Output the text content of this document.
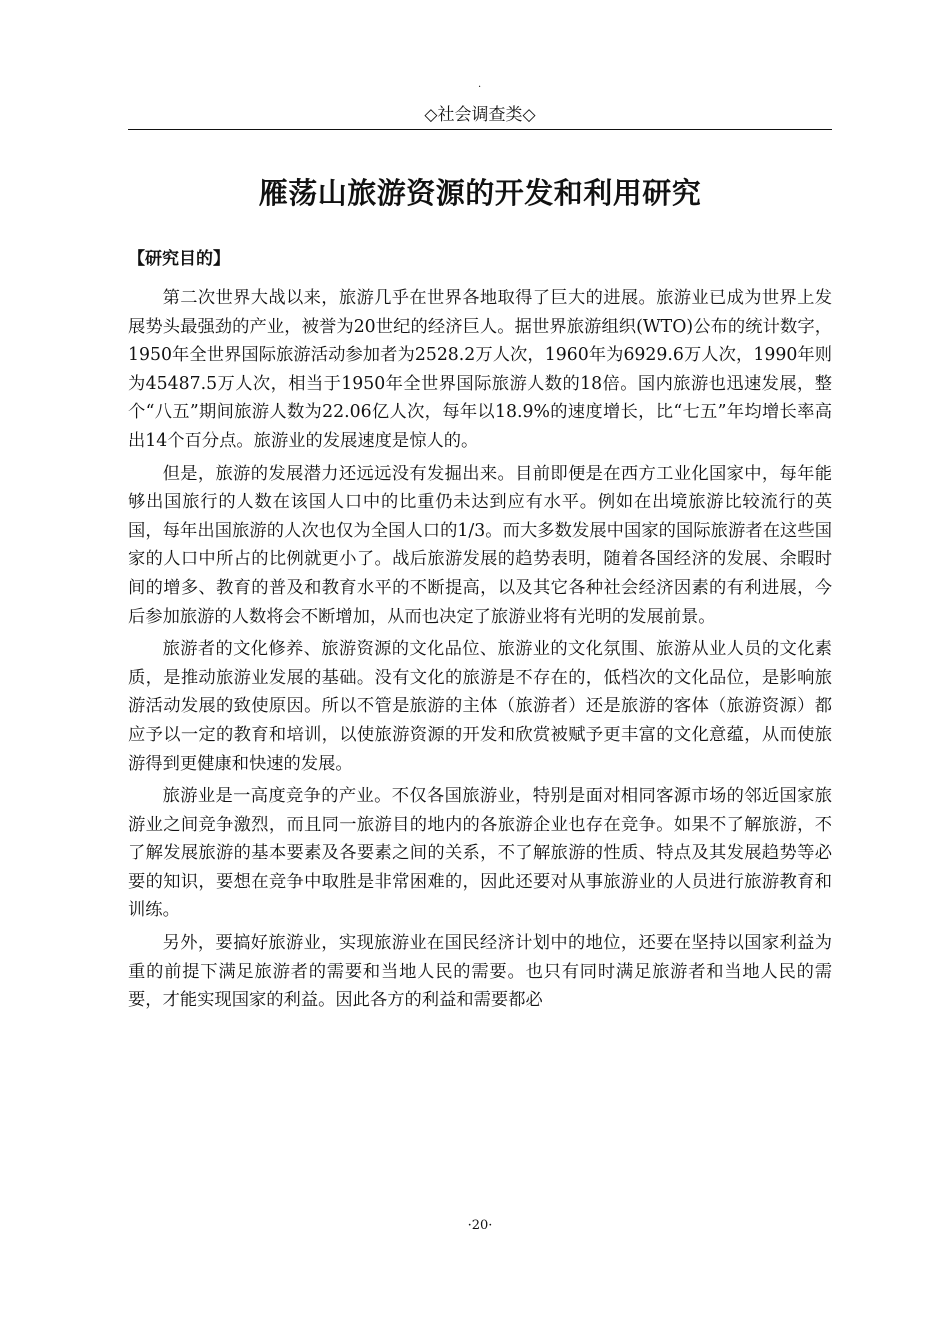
.
◇社会调查类◇
雁荡山旅游资源的开发和利用研究
【研究目的】

第二次世界大战以来，旅游几乎在世界各地取得了巨大的进展。旅游业已成为世界上发展势头最强劲的产业，被誉为20世纪的经济巨人。据世界旅游组织(WTO)公布的统计数字，1950年全世界国际旅游活动参加者为2528.2万人次，1960年为6929.6万人次，1990年则为45487.5万人次，相当于1950年全世界国际旅游人数的18倍。国内旅游也迅速发展，整个“八五”期间旅游人数为22.06亿人次，每年以18.9%的速度增长，比“七五”年均增长率高出14个百分点。旅游业的发展速度是惊人的。

但是，旅游的发展潜力还远远没有发掘出来。目前即便是在西方工业化国家中，每年能够出国旅行的人数在该国人口中的比重仍未达到应有水平。例如在出境旅游比较流行的英国，每年出国旅游的人次也仅为全国人口的1/3。而大多数发展中国家的国际旅游者在这些国家的人口中所占的比例就更小了。战后旅游发展的趋势表明，随着各国经济的发展、余暇时间的增多、教育的普及和教育水平的不断提高，以及其它各种社会经济因素的有利进展，今后参加旅游的人数将会不断增加，从而也决定了旅游业将有光明的发展前景。

旅游者的文化修养、旅游资源的文化品位、旅游业的文化氛围、旅游从业人员的文化素质，是推动旅游业发展的基础。没有文化的旅游是不存在的，低档次的文化品位，是影响旅游活动发展的致使原因。所以不管是旅游的主体（旅游者）还是旅游的客体（旅游资源）都应予以一定的教育和培训，以使旅游资源的开发和欣赏被赋予更丰富的文化意蕴，从而使旅游得到更健康和快速的发展。

旅游业是一高度竞争的产业。不仅各国旅游业，特别是面对相同客源市场的邻近国家旅游业之间竞争激烈，而且同一旅游目的地内的各旅游企业也存在竞争。如果不了解旅游，不了解发展旅游的基本要素及各要素之间的关系，不了解旅游的性质、特点及其发展趋势等必要的知识，要想在竞争中取胜是非常困难的，因此还要对从事旅游业的人员进行旅游教育和训练。

另外，要搞好旅游业，实现旅游业在国民经济计划中的地位，还要在坚持以国家利益为重的前提下满足旅游者的需要和当地人民的需要。也只有同时满足旅游者和当地人民的需要，才能实现国家的利益。因此各方的利益和需要都必

·20·
